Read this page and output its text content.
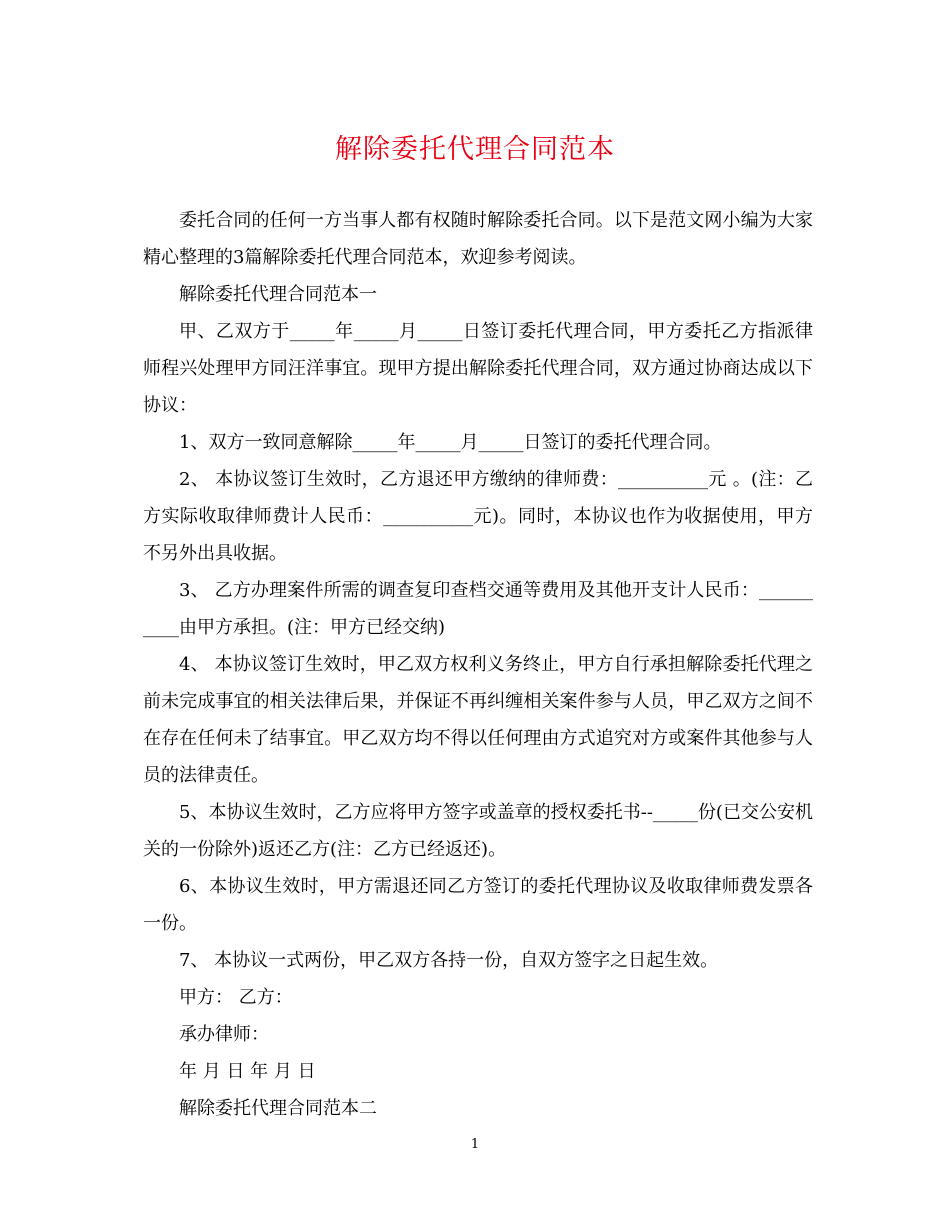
解除委托代理合同范本

委托合同的任何一方当事人都有权随时解除委托合同。以下是范文网小编为大家精心整理的3篇解除委托代理合同范本，欢迎参考阅读。

解除委托代理合同范本一

甲、乙双方于_____年_____月_____日签订委托代理合同，甲方委托乙方指派律师程兴处理甲方同汪洋事宜。现甲方提出解除委托代理合同，双方通过协商达成以下协议：

1、双方一致同意解除_____年_____月_____日签订的委托代理合同。

2、 本协议签订生效时，乙方退还甲方缴纳的律师费：__________元 。(注：乙方实际收取律师费计人民币：__________元)。同时，本协议也作为收据使用，甲方不另外出具收据。

3、 乙方办理案件所需的调查复印查档交通等费用及其他开支计人民币：__________由甲方承担。(注：甲方已经交纳)

4、 本协议签订生效时，甲乙双方权利义务终止，甲方自行承担解除委托代理之前未完成事宜的相关法律后果，并保证不再纠缠相关案件参与人员，甲乙双方之间不在存在任何未了结事宜。甲乙双方均不得以任何理由方式追究对方或案件其他参与人员的法律责任。

5、本协议生效时，乙方应将甲方签字或盖章的授权委托书--_____份(已交公安机关的一份除外)返还乙方(注：乙方已经返还)。

6、本协议生效时，甲方需退还同乙方签订的委托代理协议及收取律师费发票各一份。

7、 本协议一式两份，甲乙双方各持一份，自双方签字之日起生效。

甲方： 乙方：

承办律师：

年 月 日 年 月 日

解除委托代理合同范本二

1
